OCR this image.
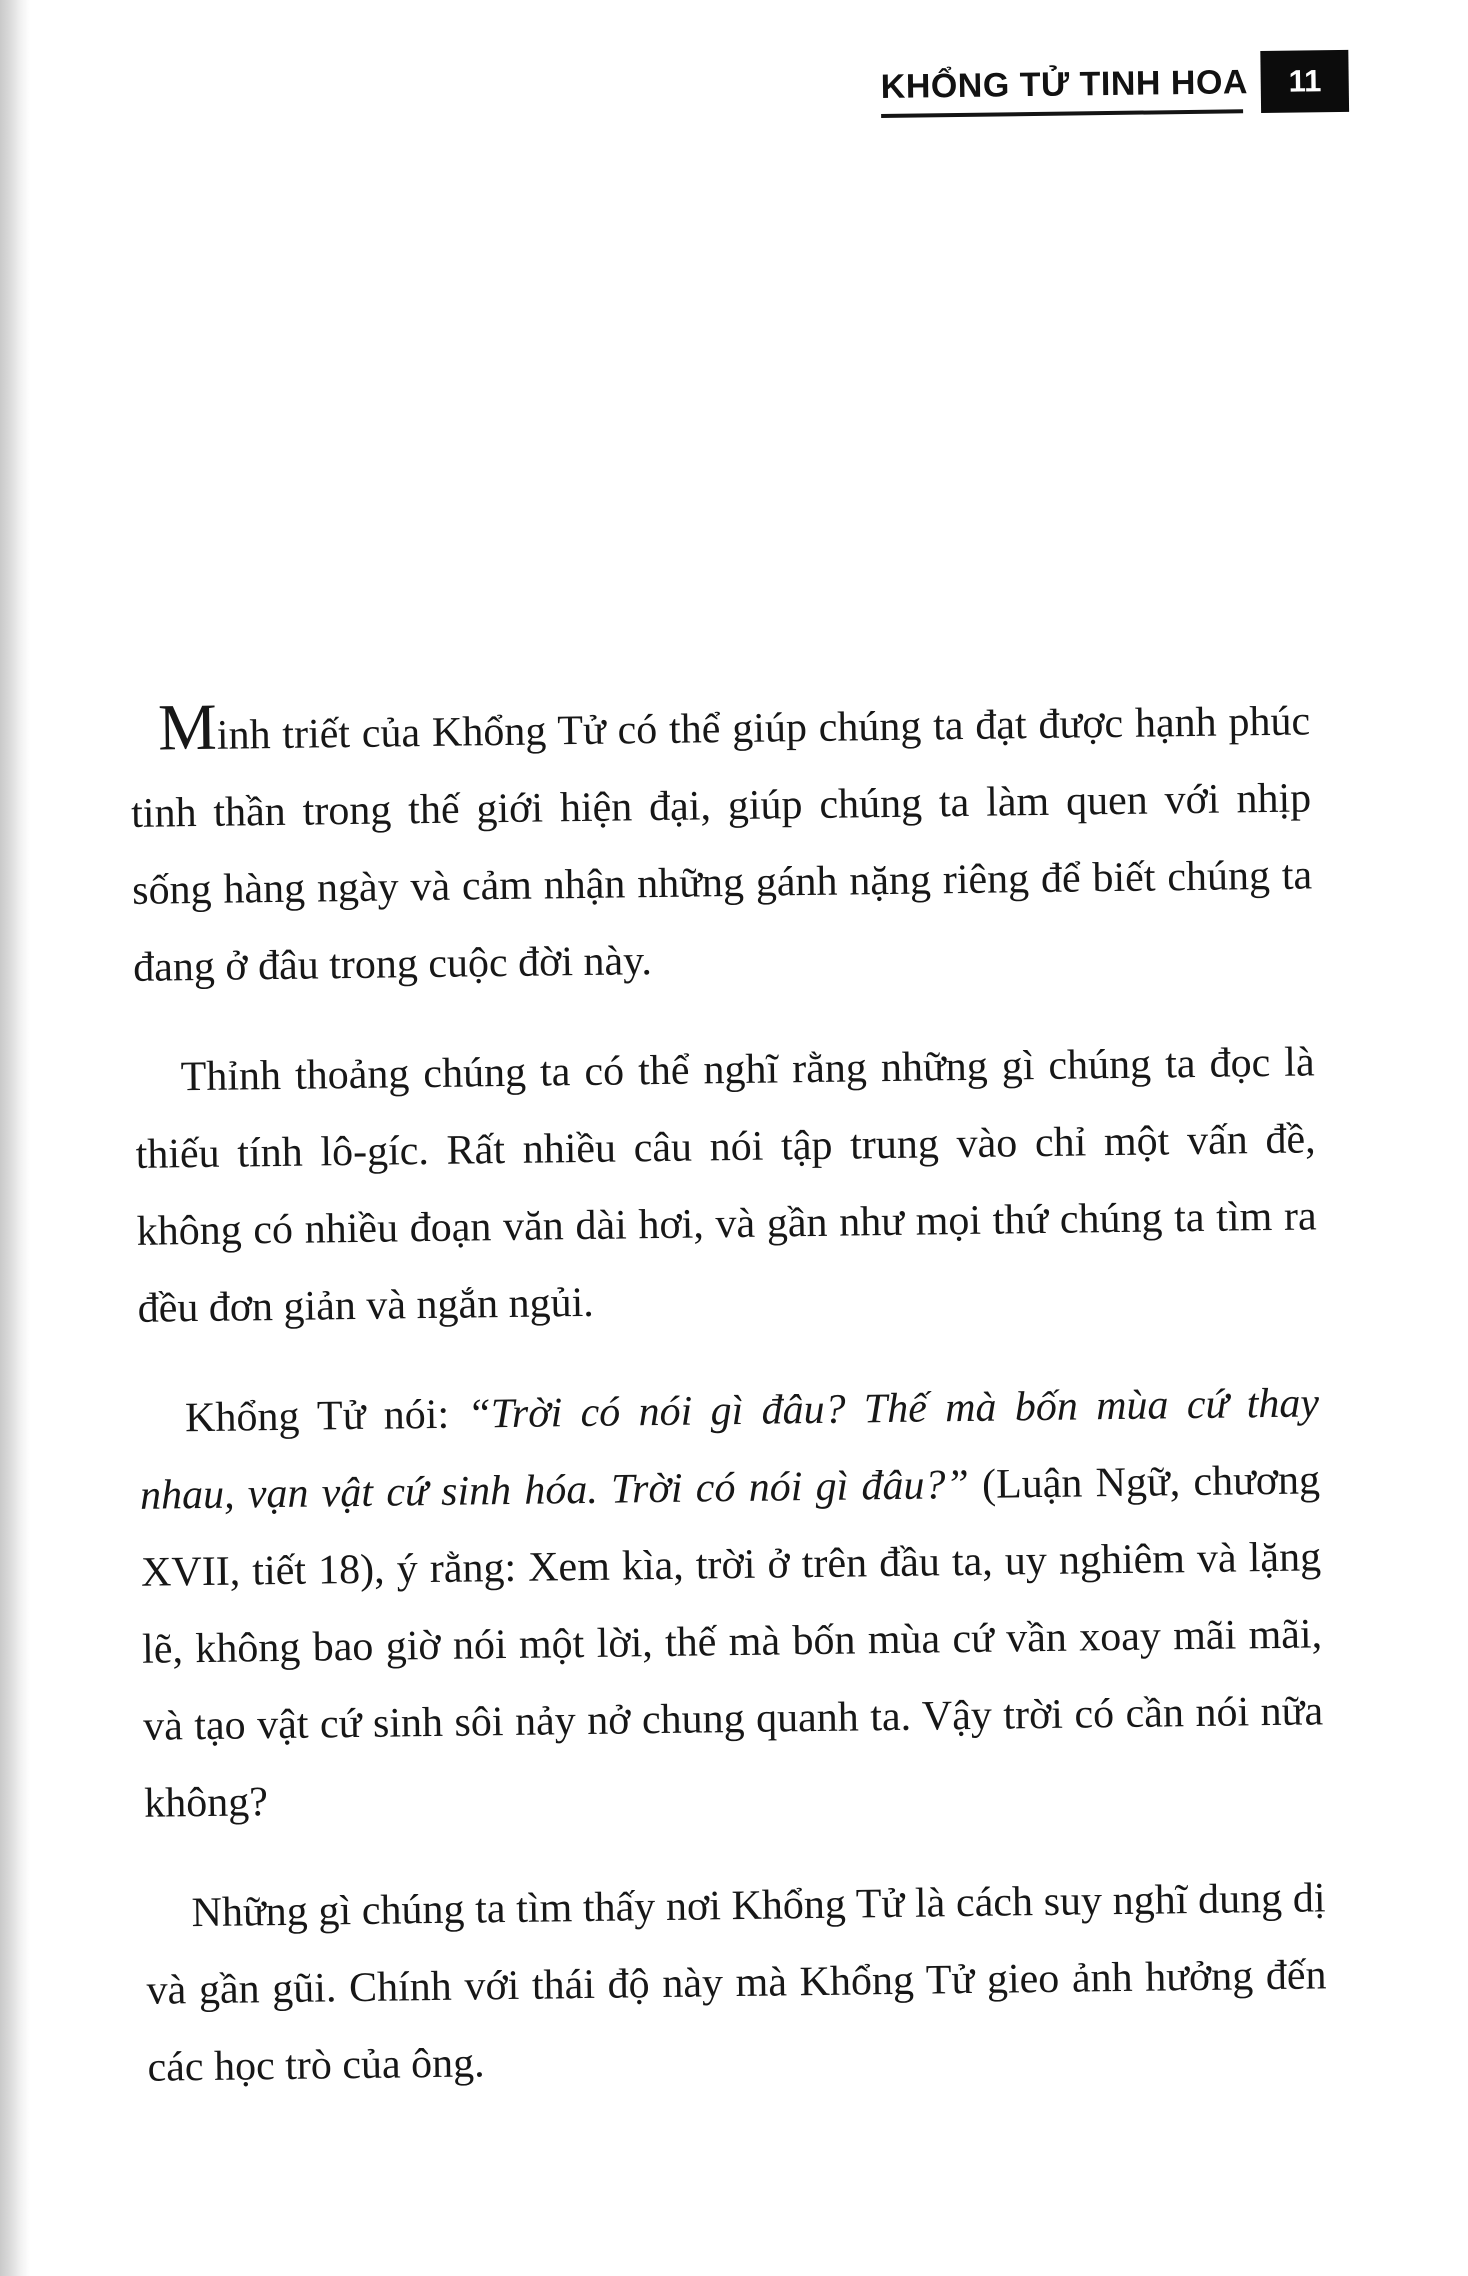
KHỔNG TỬ TINH HOA 11

Minh triết của Khổng Tử có thể giúp chúng ta đạt được hạnh phúc tinh thần trong thế giới hiện đại, giúp chúng ta làm quen với nhịp sống hàng ngày và cảm nhận những gánh nặng riêng để biết chúng ta đang ở đâu trong cuộc đời này.

Thỉnh thoảng chúng ta có thể nghĩ rằng những gì chúng ta đọc là thiếu tính lô-gíc. Rất nhiều câu nói tập trung vào chỉ một vấn đề, không có nhiều đoạn văn dài hơi, và gần như mọi thứ chúng ta tìm ra đều đơn giản và ngắn ngủi.

Khổng Tử nói: “Trời có nói gì đâu? Thế mà bốn mùa cứ thay nhau, vạn vật cứ sinh hóa. Trời có nói gì đâu?” (Luận Ngữ, chương XVII, tiết 18), ý rằng: Xem kìa, trời ở trên đầu ta, uy nghiêm và lặng lẽ, không bao giờ nói một lời, thế mà bốn mùa cứ vần xoay mãi mãi, và tạo vật cứ sinh sôi nảy nở chung quanh ta. Vậy trời có cần nói nữa không?

Những gì chúng ta tìm thấy nơi Khổng Tử là cách suy nghĩ dung dị và gần gũi. Chính với thái độ này mà Khổng Tử gieo ảnh hưởng đến các học trò của ông.
